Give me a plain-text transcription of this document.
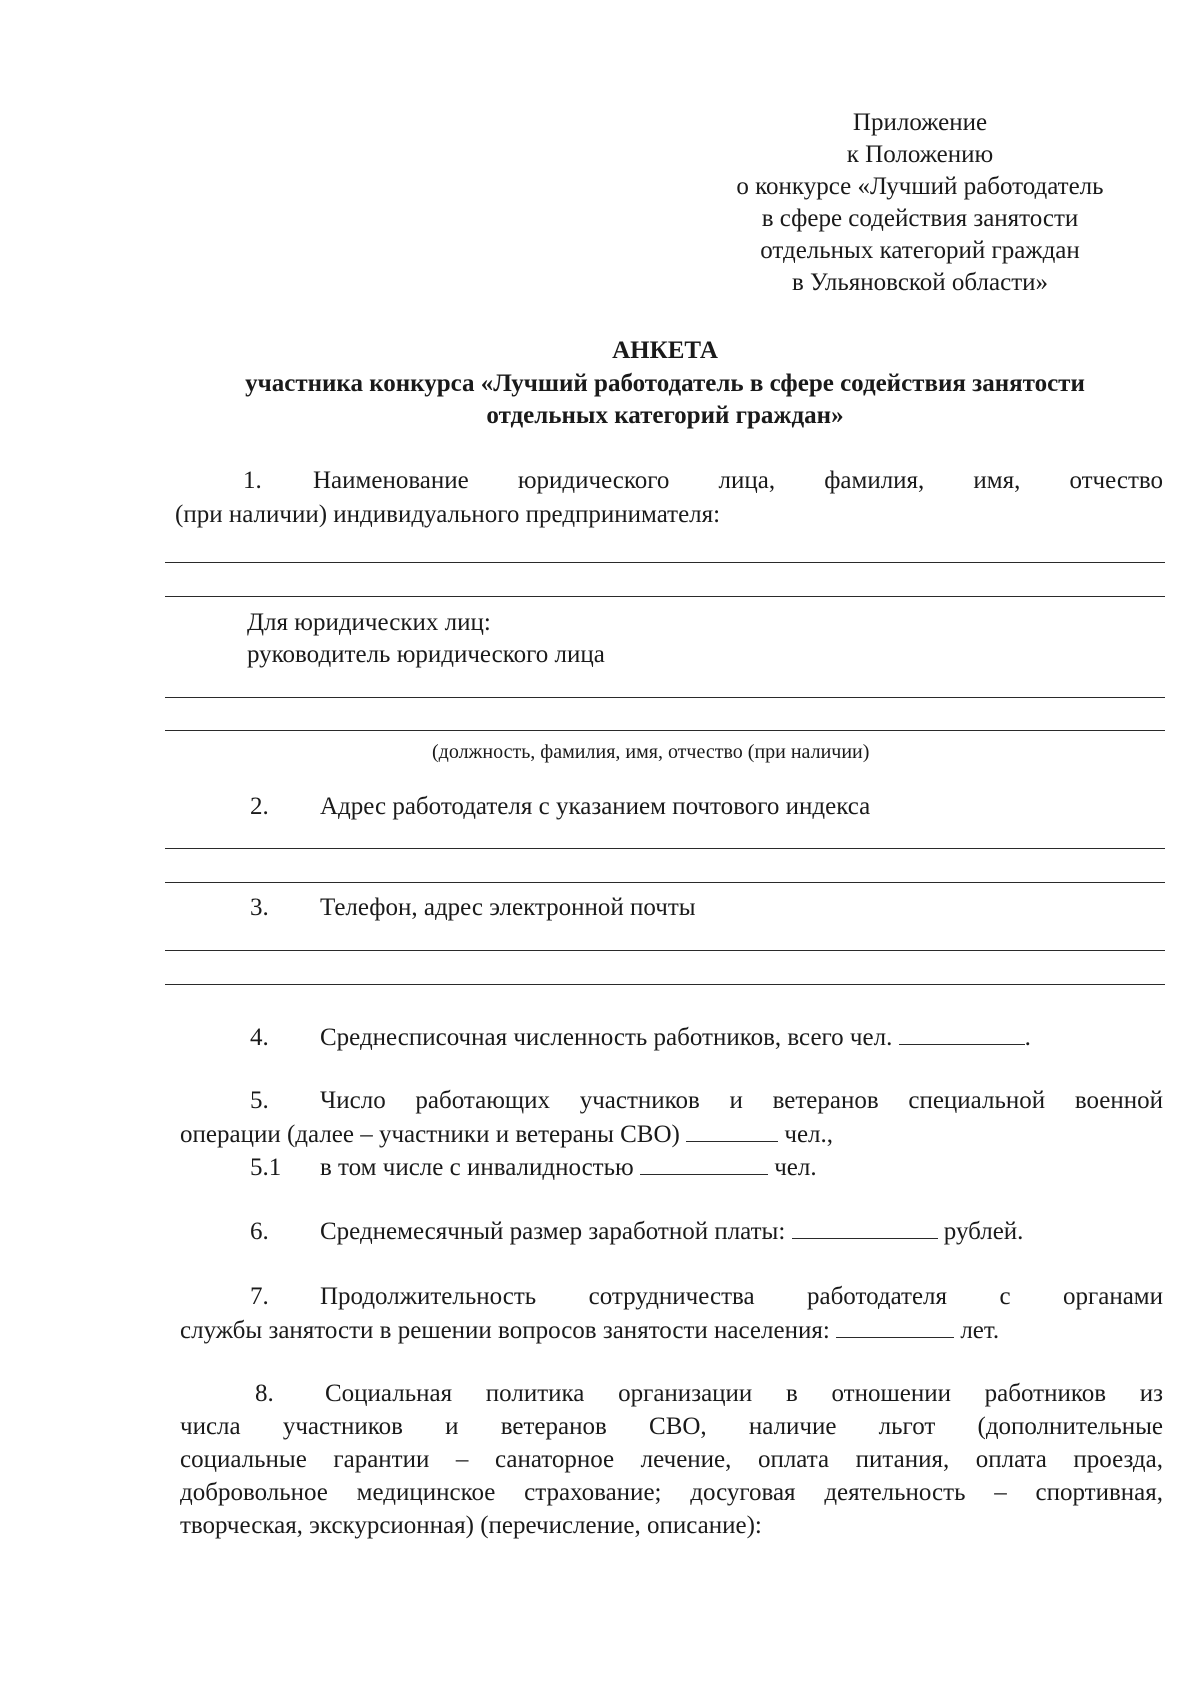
Приложение
к Положению
о конкурсе «Лучший работодатель
в сфере содействия занятости
отдельных категорий граждан
в Ульяновской области»
АНКЕТА
участника конкурса «Лучший работодатель в сфере содействия занятости
отдельных категорий граждан»
1. Наименование юридического лица, фамилия, имя, отчество
(при наличии) индивидуального предпринимателя:
Для юридических лиц:
руководитель юридического лица
(должность, фамилия, имя, отчество (при наличии)
2. Адрес работодателя с указанием почтового индекса
3. Телефон, адрес электронной почты
4. Среднесписочная численность работников, всего чел.	.
5. Число работающих участников и ветеранов специальной военной
операции (далее – участники и ветераны СВО)	чел.,
5.1 в том числе с инвалидностью	чел.
6. Среднемесячный размер заработной платы:	рублей.
7. Продолжительность сотрудничества работодателя с органами
службы занятости в решении вопросов занятости населения:	лет.
8. Социальная политика организации в отношении работников из
числа участников и ветеранов СВО, наличие льгот (дополнительные
социальные гарантии – санаторное лечение, оплата питания, оплата проезда,
добровольное медицинское страхование; досуговая деятельность – спортивная,
творческая, экскурсионная) (перечисление, описание):
